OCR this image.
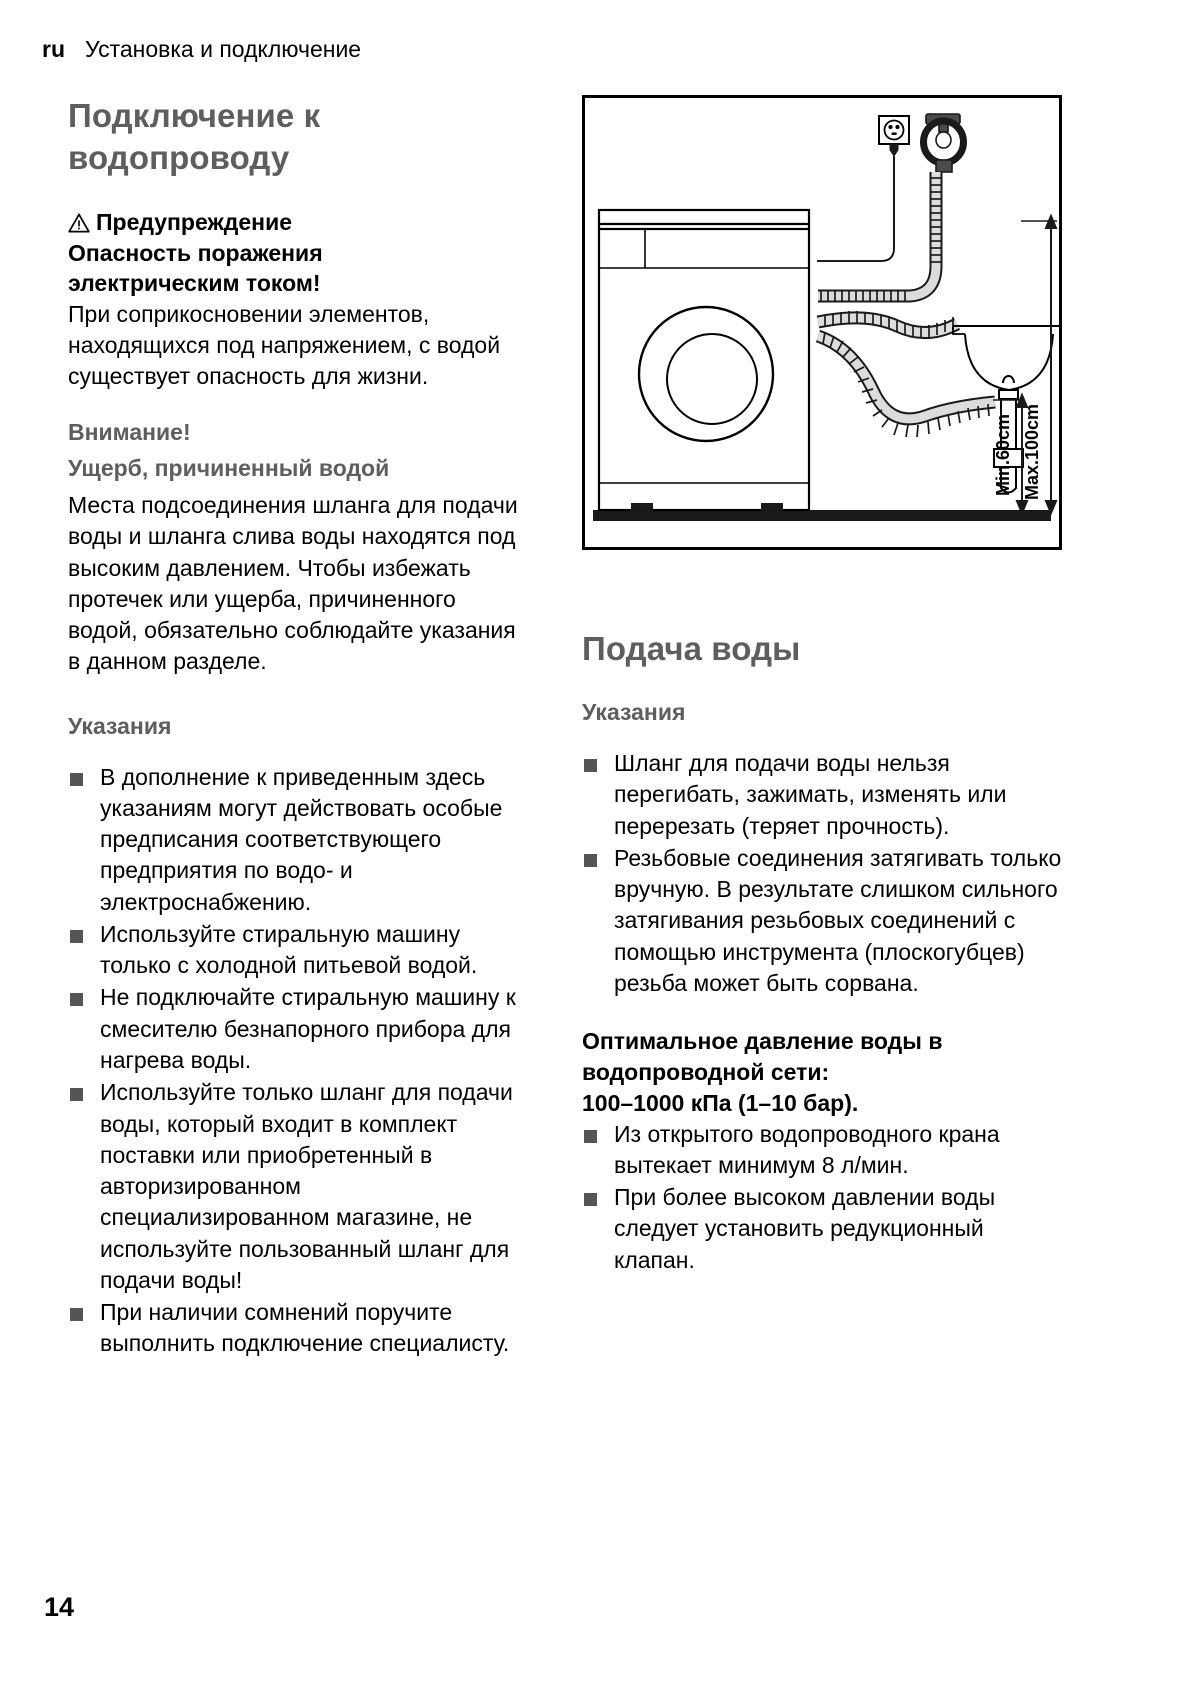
ru Установка и подключение
Подключение к водопроводу
Предупреждение
Опасность поражения
электрическим током!

При соприкосновении элементов, находящихся под напряжением, с водой существует опасность для жизни.

Внимание!
Ущерб, причиненный водой

Места подсоединения шланга для подачи воды и шланга слива воды находятся под высоким давлением. Чтобы избежать протечек или ущерба, причиненного водой, обязательно соблюдайте указания в данном разделе.

Указания
В дополнение к приведенным здесь указаниям могут действовать особые предписания соответствующего предприятия по водо- и электроснабжению.
Используйте стиральную машину только с холодной питьевой водой.
Не подключайте стиральную машину к смесителю безнапорного прибора для нагрева воды.
Используйте только шланг для подачи воды, который входит в комплект поставки или приобретенный в авторизированном специализированном магазине, не используйте пользованный шланг для подачи воды!
При наличии сомнений поручите выполнить подключение специалисту.
Min.60cm Max.100cm
Подача воды
Указания
Шланг для подачи воды нельзя перегибать, зажимать, изменять или перерезать (теряет прочность).
Резьбовые соединения затягивать только вручную. В результате слишком сильного затягивания резьбовых соединений с помощью инструмента (плоскогубцев) резьба может быть сорвана.

Оптимальное давление воды в

водопроводной сети:

100–1000 кПа (1–10 бар).

Из открытого водопроводного крана вытекает минимум 8 л/мин.
При более высоком давлении воды следует установить редукционный клапан.
14
